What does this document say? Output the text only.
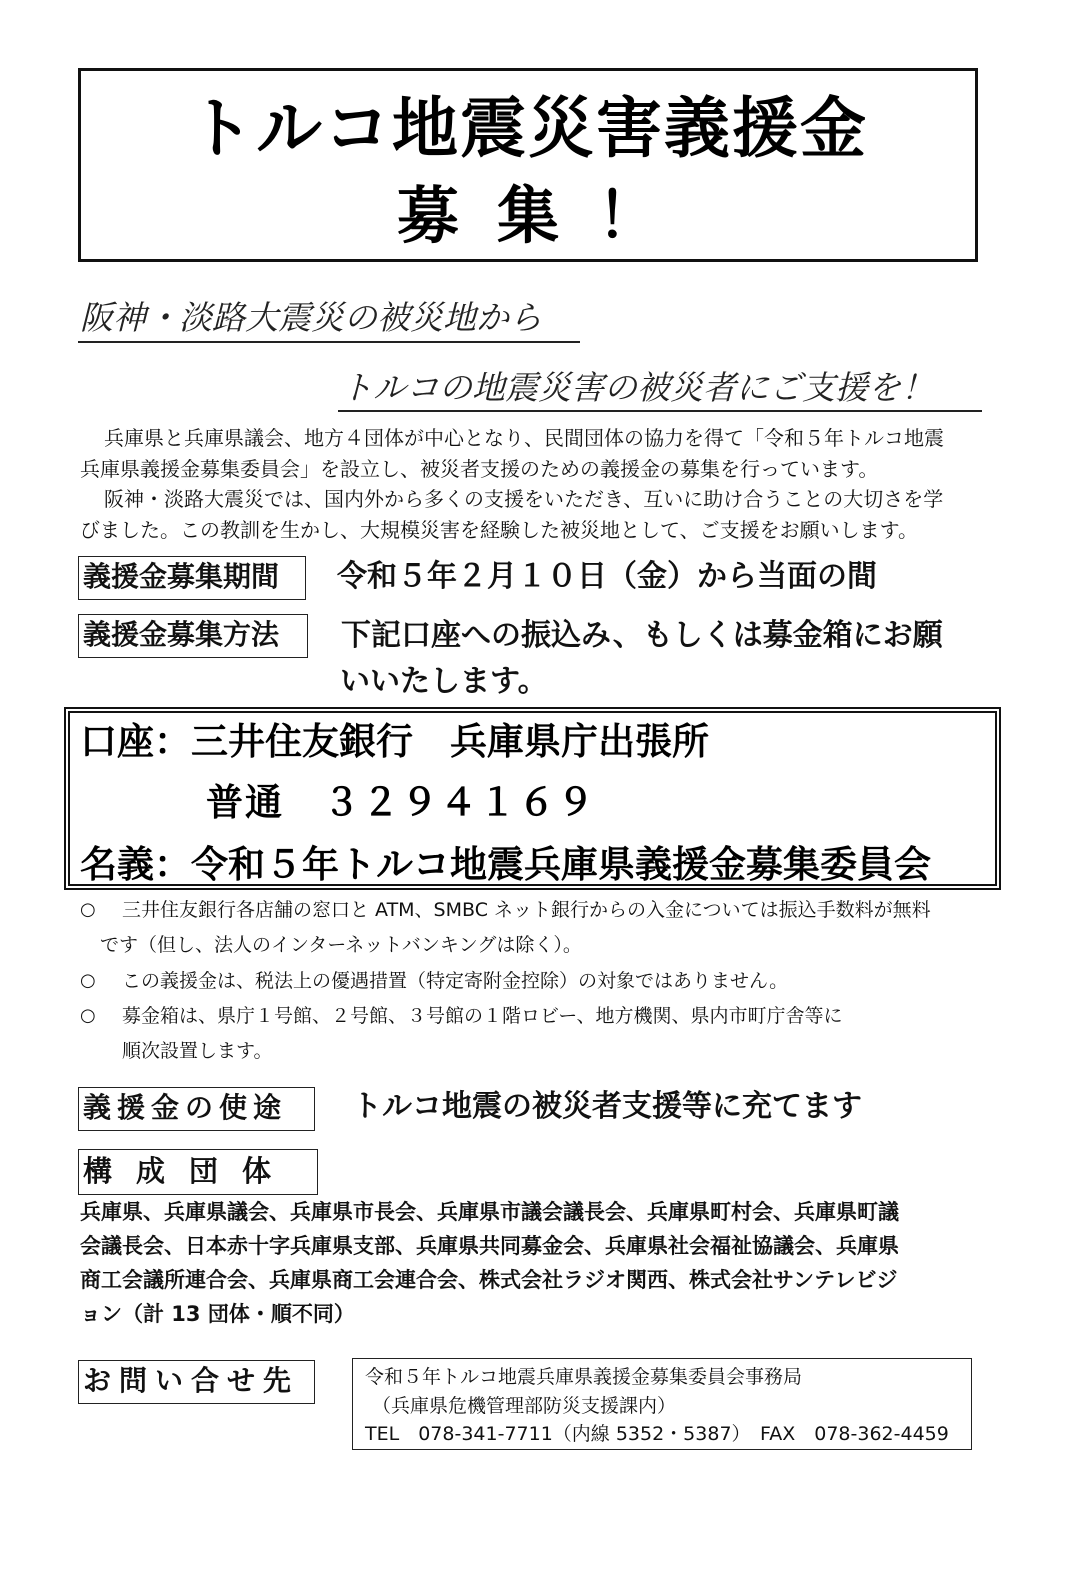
トルコ地震災害義援金
募集！
阪神・淡路大震災の被災地から
トルコの地震災害の被災者にご支援を！
兵庫県と兵庫県議会、地方４団体が中心となり、民間団体の協力を得て「令和５年トルコ地震
兵庫県義援金募集委員会」を設立し、被災者支援のための義援金の募集を行っています。
阪神・淡路大震災では、国内外から多くの支援をいただき、互いに助け合うことの大切さを学
びました。この教訓を生かし、大規模災害を経験した被災地として、ご支援をお願いします。
義援金募集期間	令和５年２月１０日（金）から当面の間
義援金募集方法	下記口座への振込み、もしくは募金箱にお願
いいたします。
口座：三井住友銀行　兵庫県庁出張所
普通　３２９４１６９
名義：令和５年トルコ地震兵庫県義援金募集委員会
○ 三井住友銀行各店舗の窓口と ATM、SMBC ネット銀行からの入金については振込手数料が無料
です（但し、法人のインターネットバンキングは除く）。
○ この義援金は、税法上の優遇措置（特定寄附金控除）の対象ではありません。
○ 募金箱は、県庁１号館、２号館、３号館の１階ロビー、地方機関、県内市町庁舎等に
順次設置します。
義援金の使途	トルコ地震の被災者支援等に充てます
構成団体
兵庫県、兵庫県議会、兵庫県市長会、兵庫県市議会議長会、兵庫県町村会、兵庫県町議
会議長会、日本赤十字兵庫県支部、兵庫県共同募金会、兵庫県社会福祉協議会、兵庫県
商工会議所連合会、兵庫県商工会連合会、株式会社ラジオ関西、株式会社サンテレビジ
ョン（計 13 団体・順不同）
お問い合せ先	令和５年トルコ地震兵庫県義援金募集委員会事務局
（兵庫県危機管理部防災支援課内）
TEL　078-341-7711（内線 5352・5387）　FAX　078-362-4459
